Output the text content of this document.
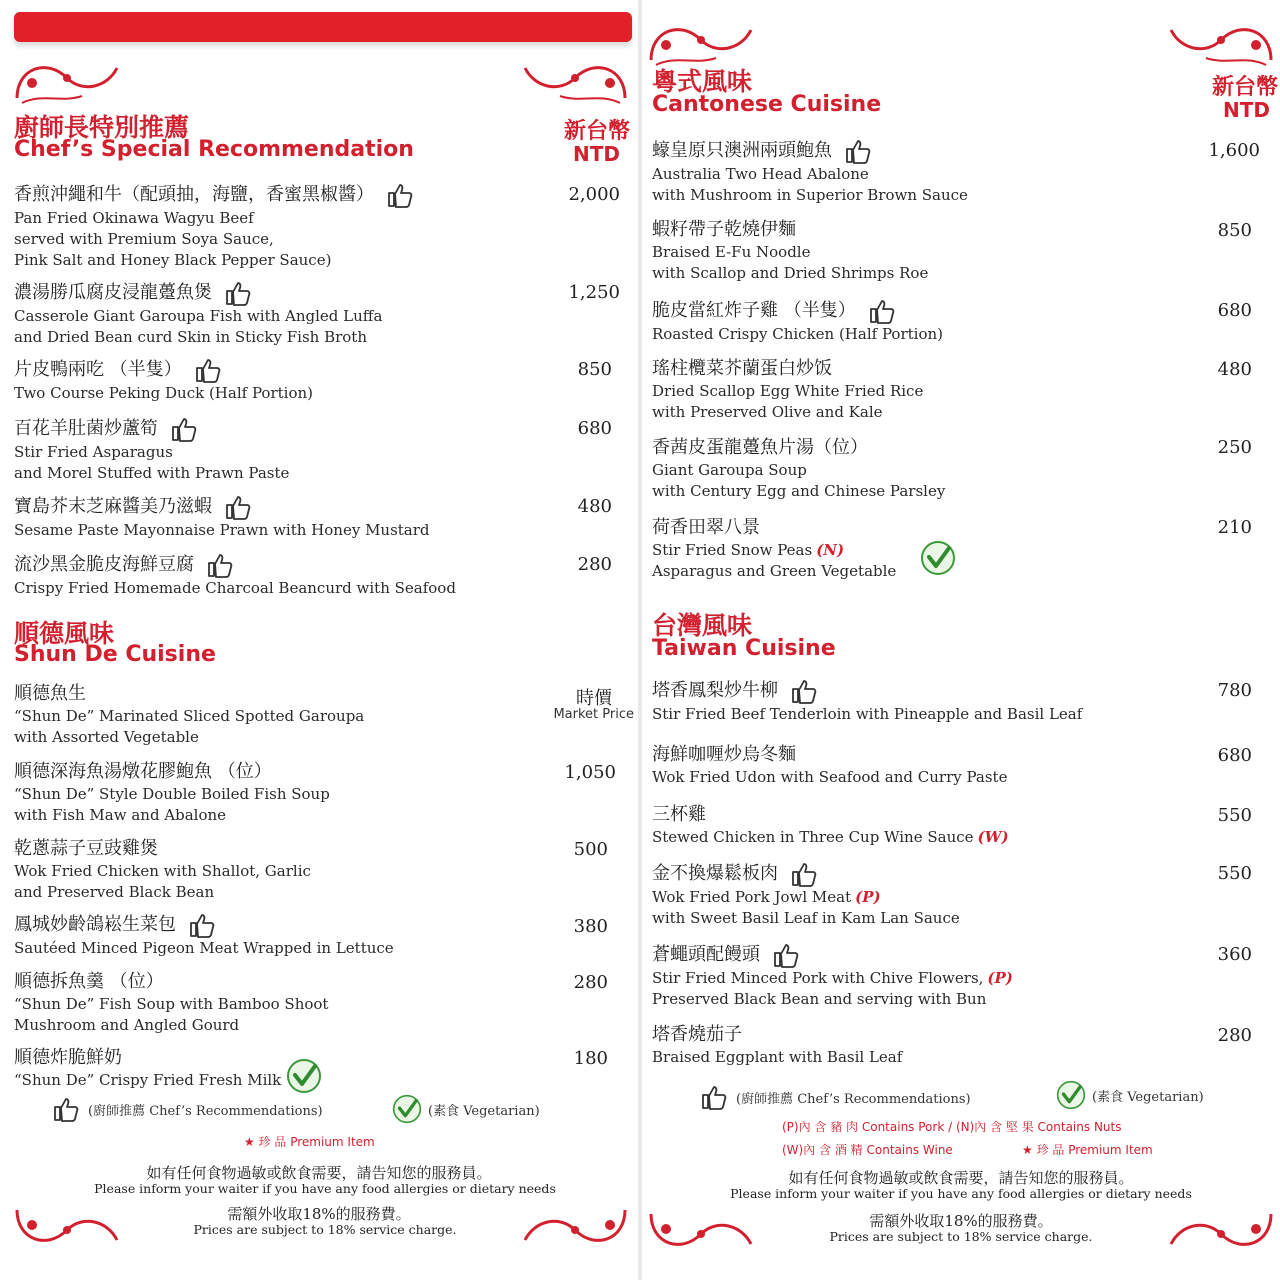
廚師長特別推薦
Chef’s Special Recommendation
新台幣
NTD
香煎沖繩和牛（配頭抽，海鹽，香蜜黑椒醬）
Pan Fried Okinawa Wagyu Beef
served with Premium Soya Sauce,
Pink Salt and Honey Black Pepper Sauce)
2,000
濃湯勝瓜腐皮浸龍躉魚煲
Casserole Giant Garoupa Fish with Angled Luffa
and Dried Bean curd Skin in Sticky Fish Broth
1,250
片皮鴨兩吃 （半隻）
Two Course Peking Duck (Half Portion)
850
百花羊肚菌炒蘆筍
Stir Fried Asparagus
and Morel Stuffed with Prawn Paste
680
寶島芥末芝麻醬美乃滋蝦
Sesame Paste Mayonnaise Prawn with Honey Mustard
480
流沙黑金脆皮海鮮豆腐
Crispy Fried Homemade Charcoal Beancurd with Seafood
280
順德風味
Shun De Cuisine
順德魚生
“Shun De” Marinated Sliced Spotted Garoupa
with Assorted Vegetable
時價
Market Price
順德深海魚湯燉花膠鮑魚 （位）
“Shun De” Style Double Boiled Fish Soup
with Fish Maw and Abalone
1,050
乾蔥蒜子豆豉雞煲
Wok Fried Chicken with Shallot, Garlic
and Preserved Black Bean
500
鳳城妙齡鴿崧生菜包
Sautéed Minced Pigeon Meat Wrapped in Lettuce
380
順德拆魚羹 （位）
“Shun De” Fish Soup with Bamboo Shoot
Mushroom and Angled Gourd
280
順德炸脆鮮奶
“Shun De” Crispy Fried Fresh Milk
180
(廚師推薦 Chef’s Recommendations)	(素食 Vegetarian)
★ 珍 品 Premium Item
如有任何食物過敏或飲食需要，請告知您的服務員。
Please inform your waiter if you have any food allergies or dietary needs
需額外收取18%的服務費。
Prices are subject to 18% service charge.
粵式風味
Cantonese Cuisine
新台幣
NTD
蠔皇原只澳洲兩頭鮑魚
Australia Two Head Abalone
with Mushroom in Superior Brown Sauce
1,600
蝦籽帶子乾燒伊麵
Braised E-Fu Noodle
with Scallop and Dried Shrimps Roe
850
脆皮當紅炸子雞 （半隻）
Roasted Crispy Chicken (Half Portion)
680
瑤柱欖菜芥蘭蛋白炒饭
Dried Scallop Egg White Fried Rice
with Preserved Olive and Kale
480
香茜皮蛋龍躉魚片湯（位）
Giant Garoupa Soup
with Century Egg and Chinese Parsley
250
荷香田翠八景
Stir Fried Snow Peas (N)
Asparagus and Green Vegetable
210
台灣風味
Taiwan Cuisine
塔香鳳梨炒牛柳
Stir Fried Beef Tenderloin with Pineapple and Basil Leaf
780
海鮮咖喱炒烏冬麵
Wok Fried Udon with Seafood and Curry Paste
680
三杯雞
Stewed Chicken in Three Cup Wine Sauce (W)
550
金不換爆鬆板肉
Wok Fried Pork Jowl Meat (P)
with Sweet Basil Leaf in Kam Lan Sauce
550
蒼蠅頭配饅頭
Stir Fried Minced Pork with Chive Flowers, (P)
Preserved Black Bean and serving with Bun
360
塔香燒茄子
Braised Eggplant with Basil Leaf
280
(廚師推薦 Chef’s Recommendations)	(素食 Vegetarian)
(P)內 含 豬 肉 Contains Pork / (N)內 含 堅 果 Contains Nuts
(W)內 含 酒 精 Contains Wine	★ 珍 品 Premium Item
如有任何食物過敏或飲食需要，請告知您的服務員。
Please inform your waiter if you have any food allergies or dietary needs
需額外收取18%的服務費。
Prices are subject to 18% service charge.
